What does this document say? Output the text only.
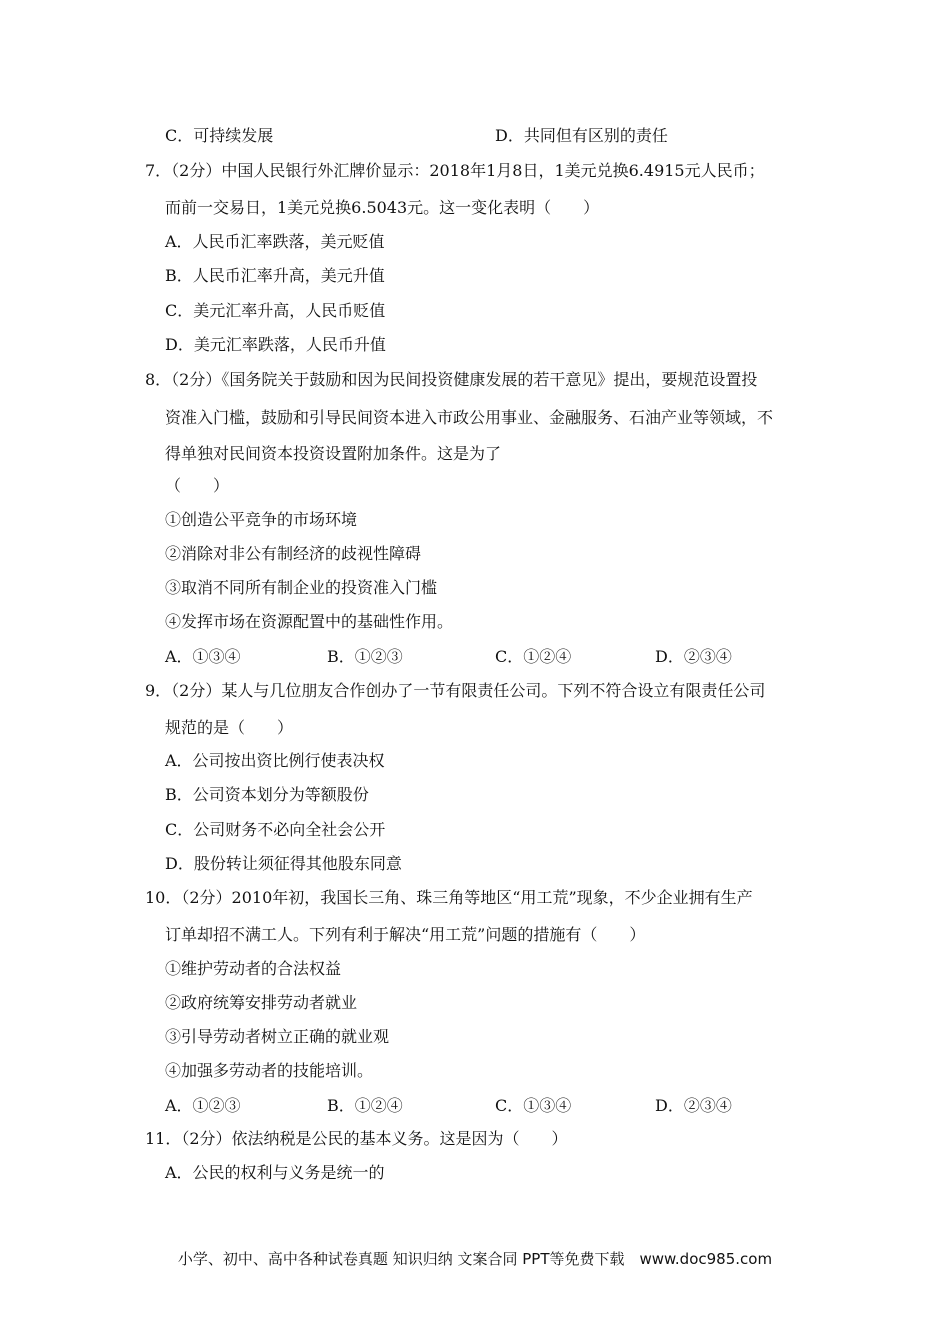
C．可持续发展	D．共同但有区别的责任
7．（2分）中国人民银行外汇牌价显示：2018年1月8日，1美元兑换6.4915元人民币；
而前一交易日，1美元兑换6.5043元。这一变化表明（　　）
A．人民币汇率跌落，美元贬值
B．人民币汇率升高，美元升值
C．美元汇率升高，人民币贬值
D．美元汇率跌落，人民币升值
8．（2分）《国务院关于鼓励和因为民间投资健康发展的若干意见》提出，要规范设置投
资准入门槛，鼓励和引导民间资本进入市政公用事业、金融服务、石油产业等领域，不
得单独对民间资本投资设置附加条件。这是为了
（　　）
①创造公平竞争的市场环境
②消除对非公有制经济的歧视性障碍
③取消不同所有制企业的投资准入门槛
④发挥市场在资源配置中的基础性作用。
A．①③④	B．①②③	C．①②④	D．②③④
9．（2分）某人与几位朋友合作创办了一节有限责任公司。下列不符合设立有限责任公司
规范的是（　　）
A．公司按出资比例行使表决权
B．公司资本划分为等额股份
C．公司财务不必向全社会公开
D．股份转让须征得其他股东同意
10．（2分）2010年初，我国长三角、珠三角等地区“用工荒”现象，不少企业拥有生产
订单却招不满工人。下列有利于解决“用工荒”问题的措施有（　　）
①维护劳动者的合法权益
②政府统筹安排劳动者就业
③引导劳动者树立正确的就业观
④加强多劳动者的技能培训。
A．①②③	B．①②④	C．①③④	D．②③④
11．（2分）依法纳税是公民的基本义务。这是因为（　　）
A．公民的权利与义务是统一的
小学、初中、高中各种试卷真题 知识归纳 文案合同 PPT等免费下载　www.doc985.com
